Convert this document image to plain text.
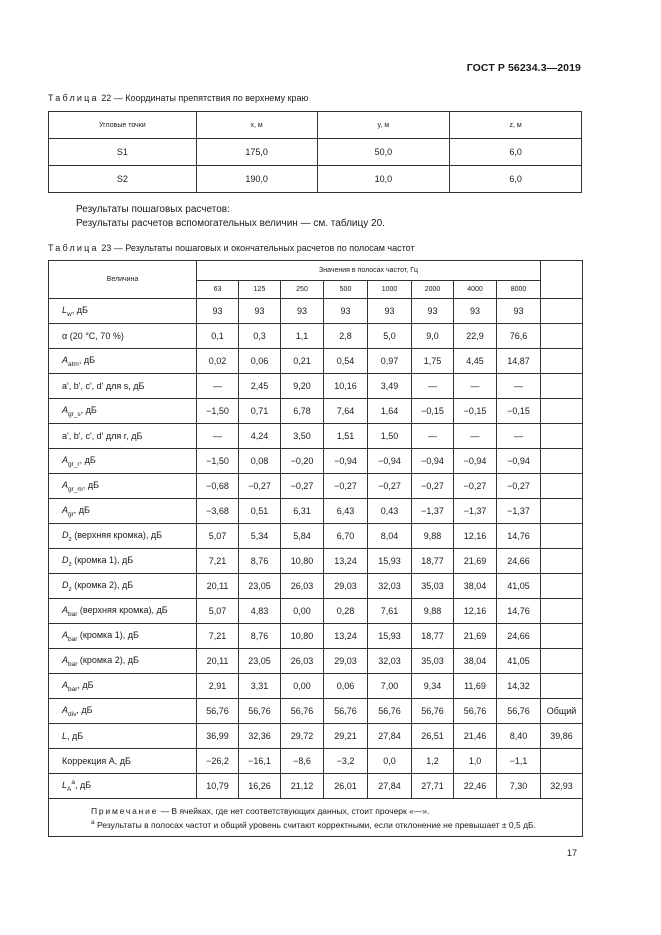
ГОСТ Р 56234.3—2019
Таблица 22 — Координаты препятствия по верхнему краю
Угловые точки	x, м	y, м	z, м
S1	175,0	50,0	6,0
S2	190,0	10,0	6,0
Результаты пошаговых расчетов:
Результаты расчетов вспомогательных величин — см. таблицу 20.
Таблица 23 — Результаты пошаговых и окончательных расчетов по полосам частот
Величина	Значения в полосах частот, Гц								
	63	125	250	500	1000	2000	4000	8000	
$L_w$, дБ	93	93	93	93	93	93	93	93	
α (20 °C, 70 %)	0,1	0,3	1,1	2,8	5,0	9,0	22,9	76,6	
$A_{atm}$, дБ	0,02	0,06	0,21	0,54	0,97	1,75	4,45	14,87	
a', b', c', d' для s, дБ	—	2,45	9,20	10,16	3,49	—	—	—	
$A_{gr\_s}$, дБ	−1,50	0,71	6,78	7,64	1,64	−0,15	−0,15	−0,15	
a', b', c', d' для r, дБ	—	4,24	3,50	1,51	1,50	—	—	—	
$A_{gr\_r}$, дБ	−1,50	0,08	−0,20	−0,94	−0,94	−0,94	−0,94	−0,94	
$A_{gr\_m}$, дБ	−0,68	−0,27	−0,27	−0,27	−0,27	−0,27	−0,27	−0,27	
$A_{gr}$, дБ	−3,68	0,51	6,31	6,43	0,43	−1,37	−1,37	−1,37	
$D_z$ (верхняя кромка), дБ	5,07	5,34	5,84	6,70	8,04	9,88	12,16	14,76	
$D_z$ (кромка 1), дБ	7,21	8,76	10,80	13,24	15,93	18,77	21,69	24,66	
$D_z$ (кромка 2), дБ	20,11	23,05	26,03	29,03	32,03	35,03	38,04	41,05	
$A_{bar}$ (верхняя кромка), дБ	5,07	4,83	0,00	0,28	7,61	9,88	12,16	14,76	
$A_{bar}$ (кромка 1), дБ	7,21	8,76	10,80	13,24	15,93	18,77	21,69	24,66	
$A_{bar}$ (кромка 2), дБ	20,11	23,05	26,03	29,03	32,03	35,03	38,04	41,05	
$A_{bar}$, дБ	2,91	3,31	0,00	0,06	7,00	9,34	11,69	14,32	
$A_{div}$, дБ	56,76	56,76	56,76	56,76	56,76	56,76	56,76	56,76	Общий
L, дБ	36,99	32,36	29,72	29,21	27,84	26,51	21,46	8,40	39,86
Коррекция А, дБ	−26,2	−16,1	−8,6	−3,2	0,0	1,2	1,0	−1,1	
$L_A^a$, дБ	10,79	16,26	21,12	26,01	27,84	27,71	22,46	7,30	32,93

Примечание — В ячейках, где нет соответствующих данных, стоит прочерк «—».
$^a$ Результаты в полосах частот и общий уровень считают корректными, если отклонение не превышает ± 0,5 дБ.									
17
